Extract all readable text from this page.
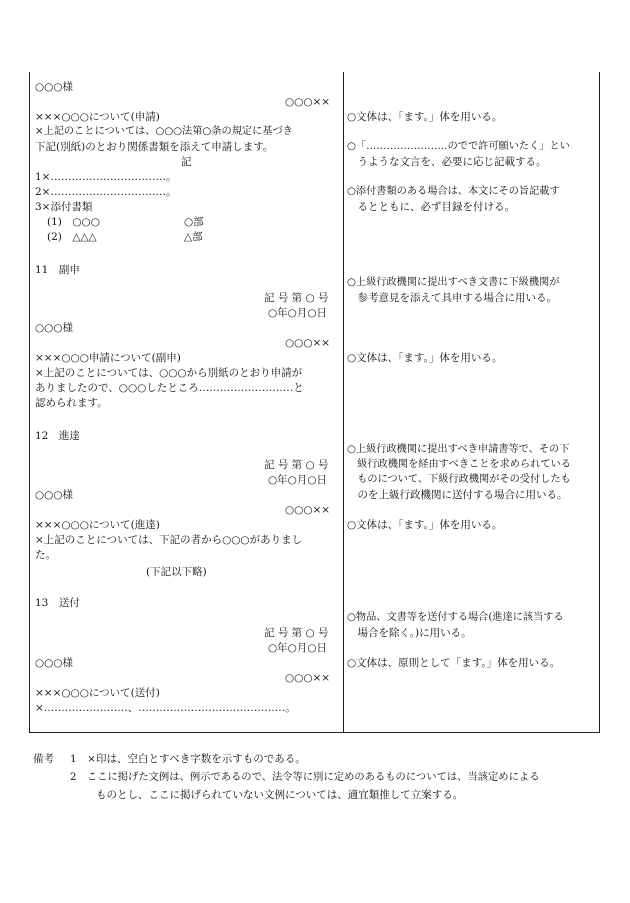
○○○様
○○○××
×××○○○について(申請)
×上記のことについては、○○○法第○条の規定に基づき
下記(別紙)のとおり関係書類を添えて申請します。
記
1×……………………………。
2×……………………………。
3×添付書類
(1)　○○○	○部
(2)　△△△	△部
11　副申
記 号 第 ○ 号
○年○月○日
○○○様
○○○××
×××○○○申請について(副申)
×上記のことについては、○○○から別紙のとおり申請が
ありましたので、○○○したところ………………………と
認められます。
12　進達
記 号 第 ○ 号
○年○月○日
○○○様
○○○××
×××○○○について(進達)
×上記のことについては、下記の者から○○○がありまし
た。
(下記以下略)
13　送付
記 号 第 ○ 号
○年○月○日
○○○様
○○○××
×××○○○について(送付)
×……………………、……………………………………。
○文体は、「ます。」体を用いる。
○「……………………のでで許可願いたく」とい
　うような文言を、必要に応じ記載する。
○添付書類のある場合は、本文にその旨記載す
　るとともに、必ず目録を付ける。
○上級行政機関に提出すべき文書に下級機関が
　参考意見を添えて具申する場合に用いる。
○文体は、「ます。」体を用いる。
○上級行政機関に提出すべき申請書等で、その下
　級行政機関を経由すべきことを求められている
　ものについて、下級行政機関がその受付したも
　のを上級行政機関に送付する場合に用いる。
○文体は、「ます。」体を用いる。
○物品、文書等を送付する場合(進達に該当する
　場合を除く。)に用いる。
○文体は、原則として「ます。」体を用いる。
備考 1　×印は、空白とすべき字数を示すものである。
2　ここに掲げた文例は、例示であるので、法令等に別に定めのあるものについては、当該定めによる
ものとし、ここに掲げられていない文例については、適宜類推して立案する。
